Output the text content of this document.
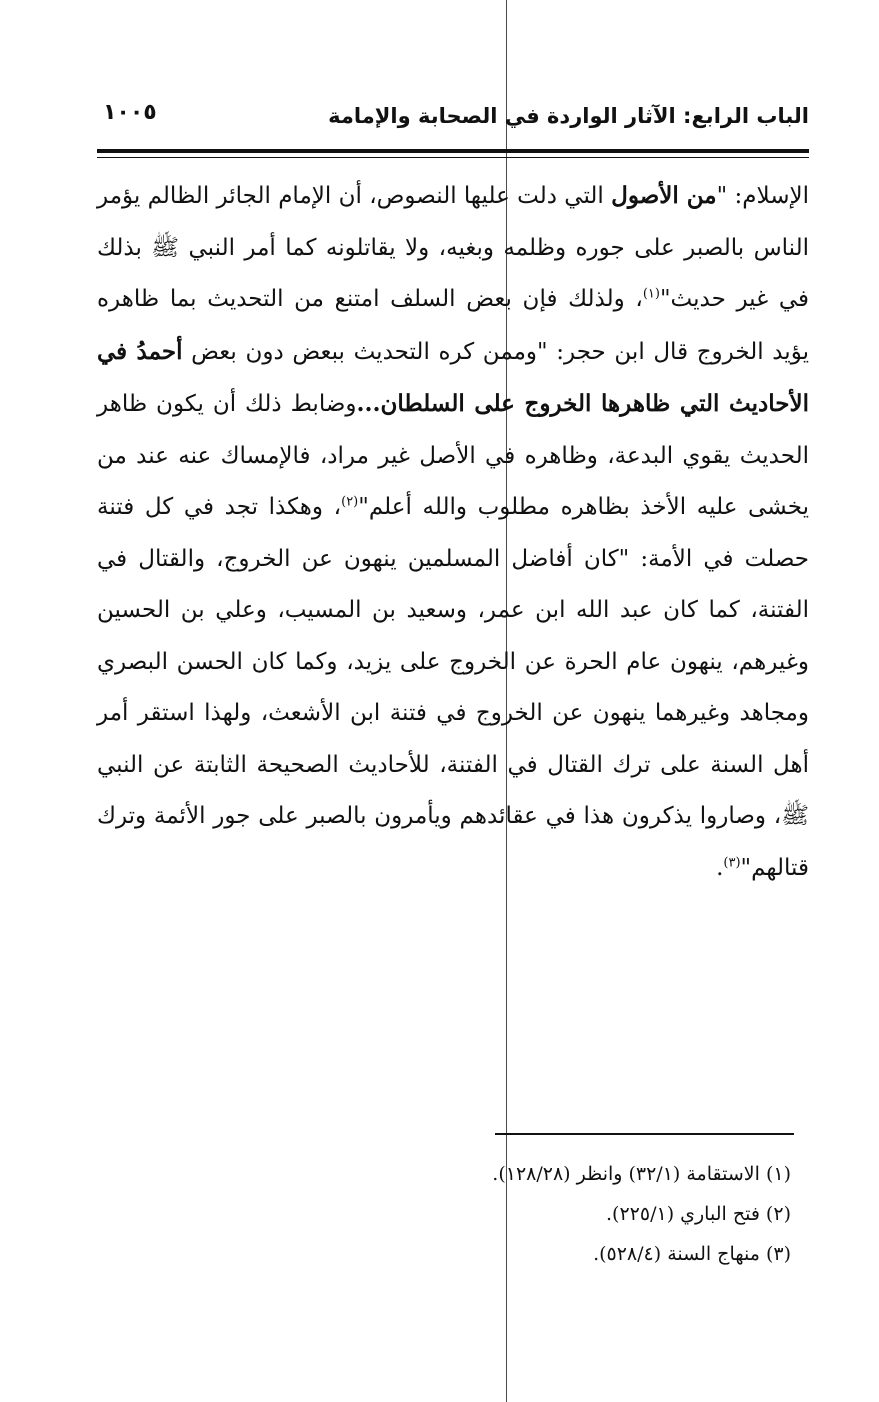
الباب الرابع: الآثار الواردة في الصحابة والإمامة
١٠٠٥

الإسلام: "من الأصول التي دلت عليها النصوص، أن الإمام الجائر الظالم يؤمر الناس بالصبر على جوره وظلمه وبغيه، ولا يقاتلونه كما أمر النبي ﷺ بذلك في غير حديث"$^{(١)}$، ولذلك فإن بعض السلف امتنع من التحديث بما ظاهره يؤيد الخروج قال ابن حجر: "وممن كره التحديث ببعض دون بعض أحمدُ في الأحاديث التي ظاهرها الخروج على السلطان...وضابط ذلك أن يكون ظاهر الحديث يقوي البدعة، وظاهره في الأصل غير مراد، فالإمساك عنه عند من يخشى عليه الأخذ بظاهره مطلوب والله أعلم"$^{(٢)}$، وهكذا تجد في كل فتنة حصلت في الأمة: "كان أفاضل المسلمين ينهون عن الخروج، والقتال في الفتنة، كما كان عبد الله ابن عمر، وسعيد بن المسيب، وعلي بن الحسين وغيرهم، ينهون عام الحرة عن الخروج على يزيد، وكما كان الحسن البصري ومجاهد وغيرهما ينهون عن الخروج في فتنة ابن الأشعث، ولهذا استقر أمر أهل السنة على ترك القتال في الفتنة، للأحاديث الصحيحة الثابتة عن النبي ﷺ، وصاروا يذكرون هذا في عقائدهم ويأمرون بالصبر على جور الأئمة وترك قتالهم"$^{(٣)}$.

(١) الاستقامة (٣٢/١) وانظر (١٢٨/٢٨).
(٢) فتح الباري (٢٢٥/١).
(٣) منهاج السنة (٥٢٨/٤).
